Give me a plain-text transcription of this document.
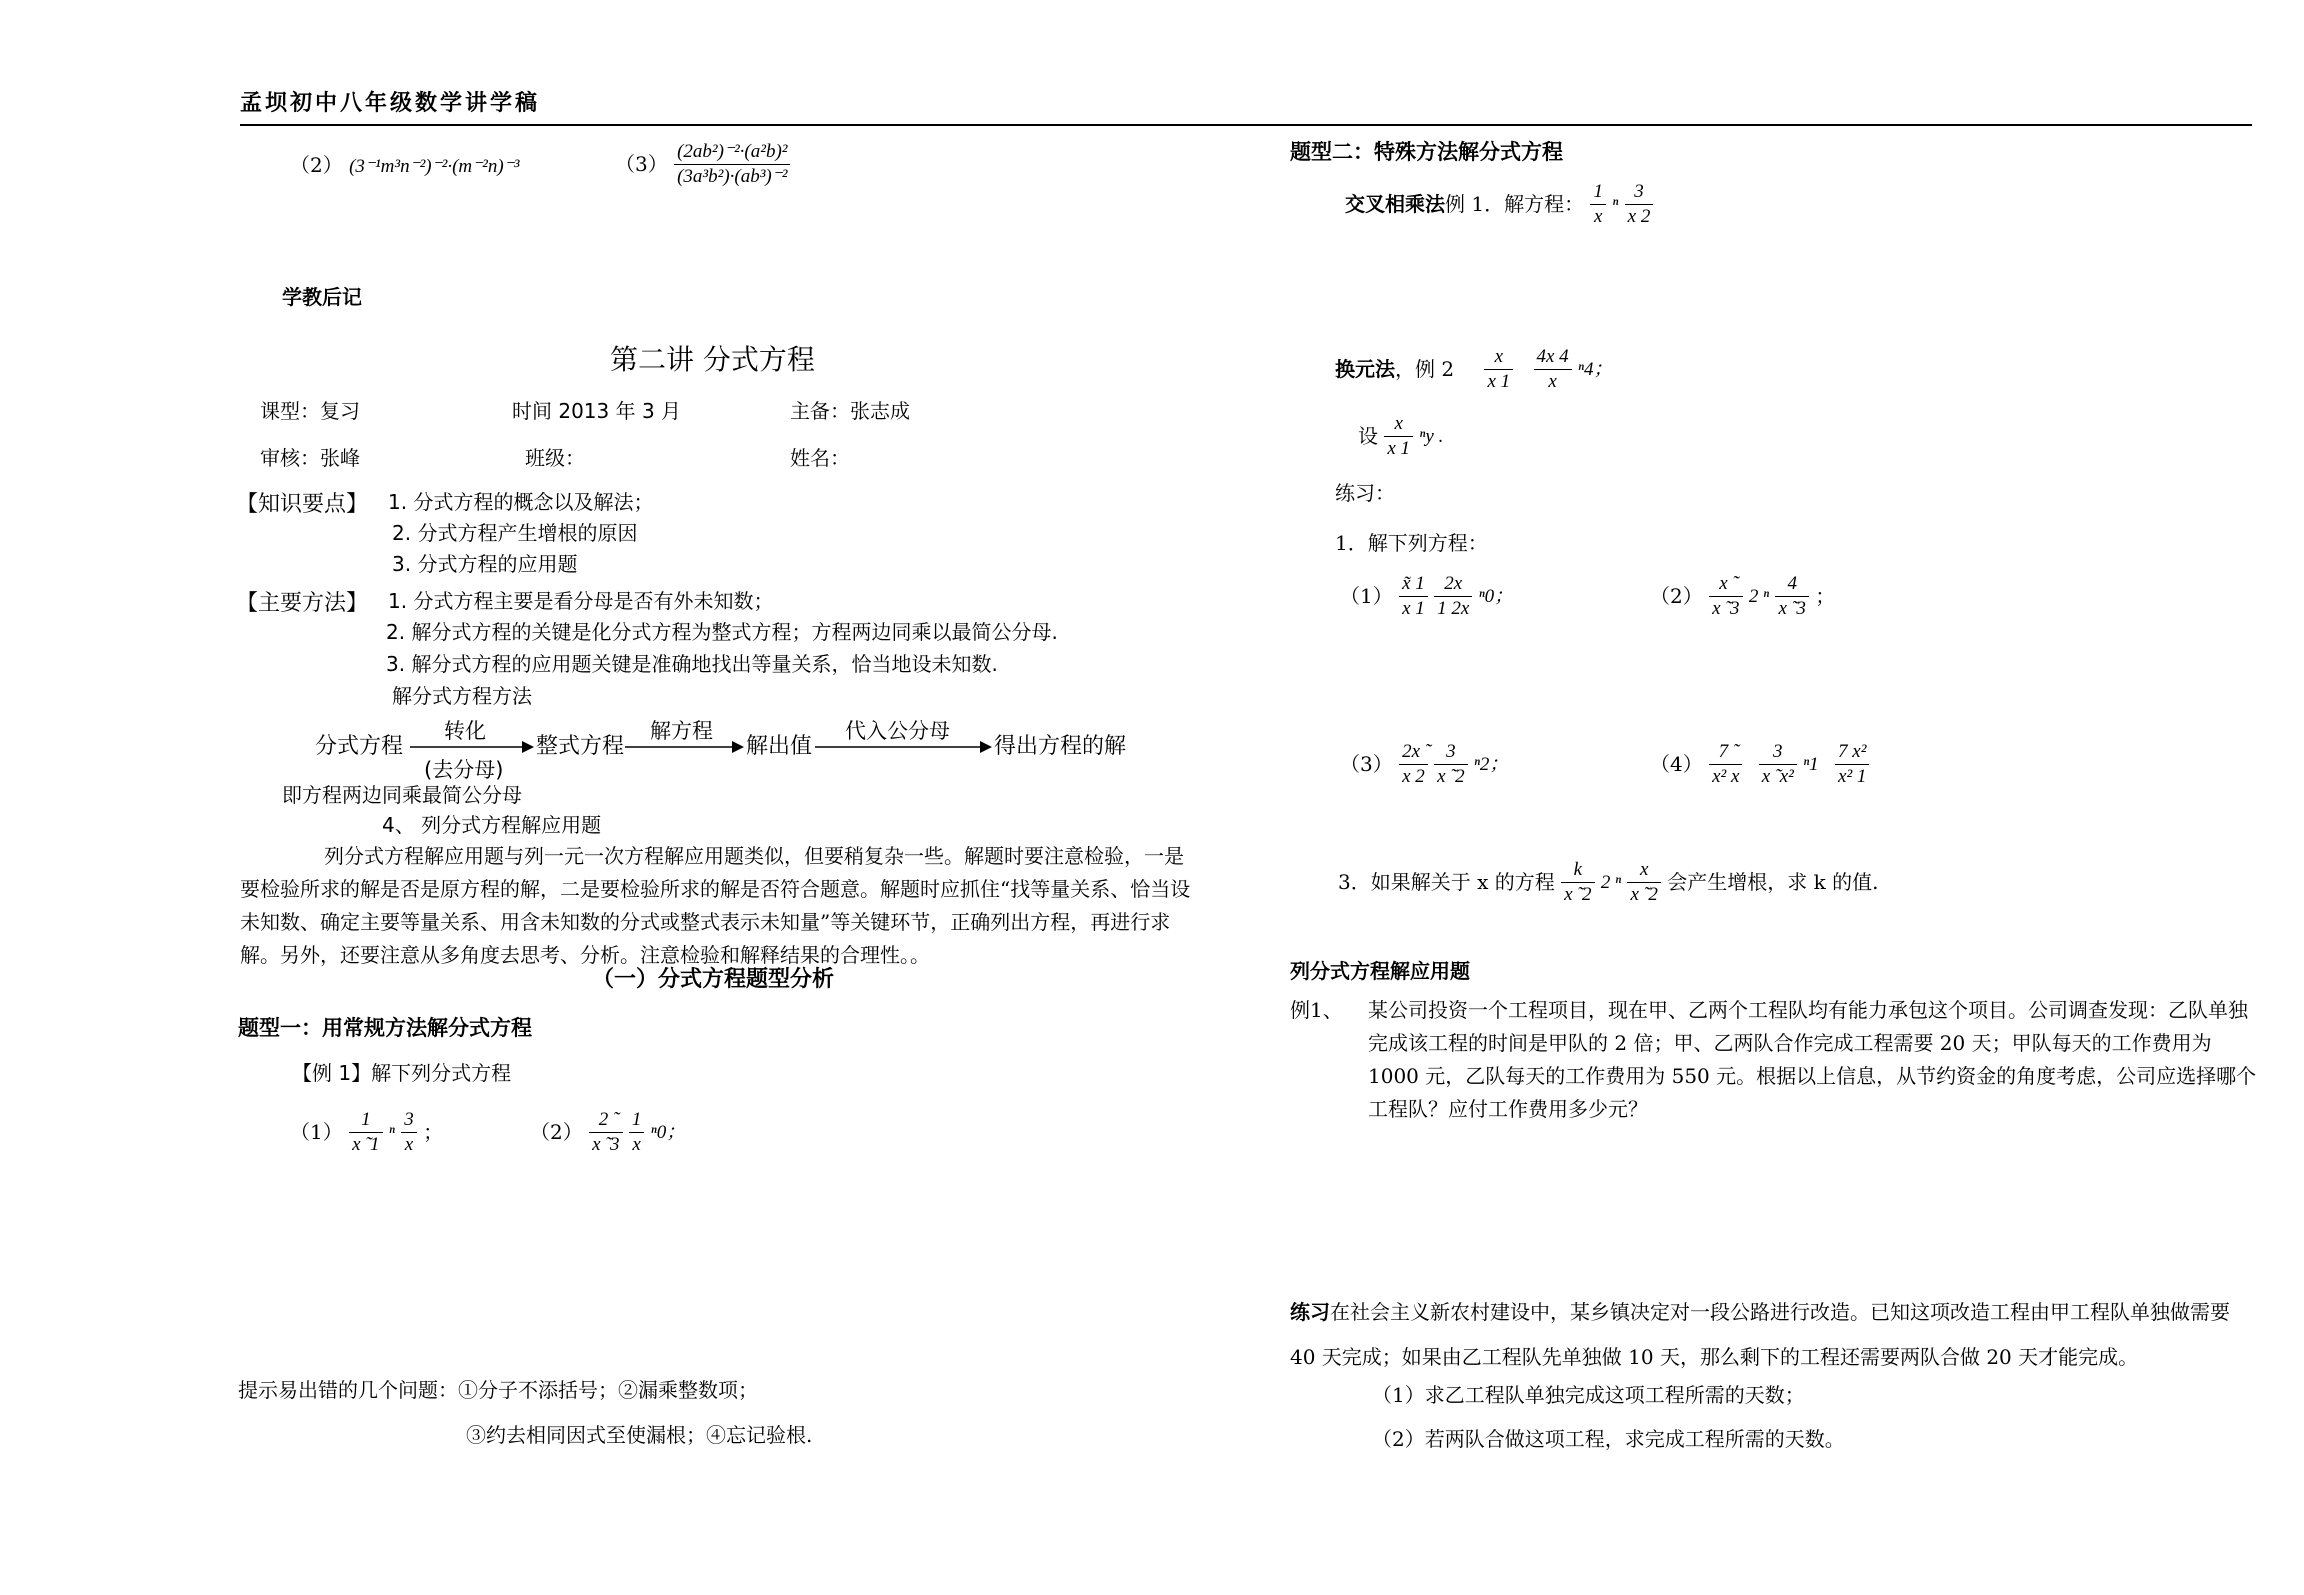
孟坝初中八年级数学讲学稿
（2） (3⁻¹m³n⁻²)⁻²·(m⁻²n)⁻³	$(3) \frac{\text{(2ab²)⁻²·(a²b)²}}{\text{(3a³b²)·(ab³)⁻²}}$
学教后记
第二讲 分式方程
课型：复习	时间 2013 年 3 月	主备：张志成
审核：张峰	班级：	姓名：
【知识要点】 1. 分式方程的概念以及解法；
2. 分式方程产生增根的原因
3. 分式方程的应用题
【主要方法】 1. 分式方程主要是看分母是否有外未知数；
2. 解分式方程的关键是化分式方程为整式方程；方程两边同乘以最简公分母.
3. 解分式方程的应用题关键是准确地找出等量关系，恰当地设未知数.
解分式方程方法
分式方程
转化
(去分母)
整式方程
解方程
解出值
代入公分母
得出方程的解
即方程两边同乘最简公分母
4、 列分式方程解应用题
列分式方程解应用题与列一元一次方程解应用题类似，但要稍复杂一些。解题时要注意检验，一是要检验所求的解是否是原方程的解，二是要检验所求的解是否符合题意。解题时应抓住“找等量关系、恰当设未知数、确定主要等量关系、用含未知数的分式或整式表示未知量”等关键环节，正确列出方程，再进行求解。另外，还要注意从多角度去思考、分析。注意检验和解释结果的合理性。。
（一）分式方程题型分析
题型一：用常规方法解分式方程
【例 1】解下列分式方程
$(1) \frac{1}{x ̃ 1}$ ⁿ $\frac{3}{x}$ ；	$(2) \frac{2 ̃}{x ̃ 3}$
$\frac{1}{x} ^n0$；
提示易出错的几个问题：①分子不添括号；②漏乘整数项；
③约去相同因式至使漏根；④忘记验根.
题型二：特殊方法解分式方程
交叉相乘法例 1．解方程： $\frac{1}{x}$ ⁿ $\frac{3}{x 2}$
换元法，例 $2 \frac{x}{x 1}$
$\frac{4x 4}{x} ^n4$；
设 $\frac{x}{x 1}$ ⁿy .
练习：
1．解下列方程：
$(1) \frac{x̃ 1}{x 1}$
$\frac{2x}{1 2x} ^n0$；	$(2) \frac{x ̃}{x ̃ 3} 2$ ⁿ $\frac{4}{x ̃ 3}$ ；
$(3) \frac{2x ̃}{x 2}$
$\frac{3}{x ̃ 2} ^n2$；	$(4) \frac{7 ̃}{\text{x² x}}$
$\frac{3}{\text{x ̃ x²}} ^n1 \frac{\text{7 x²}}{\text{x² 1}}$
3．如果解关于 x 的方程 $\frac{k}{x ̃ 2} 2$ ⁿ $\frac{x}{x ̃ 2}$ 会产生增根，求 k 的值.
列分式方程解应用题
例1、 某公司投资一个工程项目，现在甲、乙两个工程队均有能力承包这个项目。公司调查发现：乙队单独完成该工程的时间是甲队的 2 倍；甲、乙两队合作完成工程需要 20 天；甲队每天的工作费用为 1000 元，乙队每天的工作费用为 550 元。根据以上信息，从节约资金的角度考虑，公司应选择哪个工程队？应付工作费用多少元？
练习在社会主义新农村建设中，某乡镇决定对一段公路进行改造。已知这项改造工程由甲工程队单独做需要 40 天完成；如果由乙工程队先单独做 10 天，那么剩下的工程还需要两队合做 20 天才能完成。
（1）求乙工程队单独完成这项工程所需的天数；
（2）若两队合做这项工程，求完成工程所需的天数。
